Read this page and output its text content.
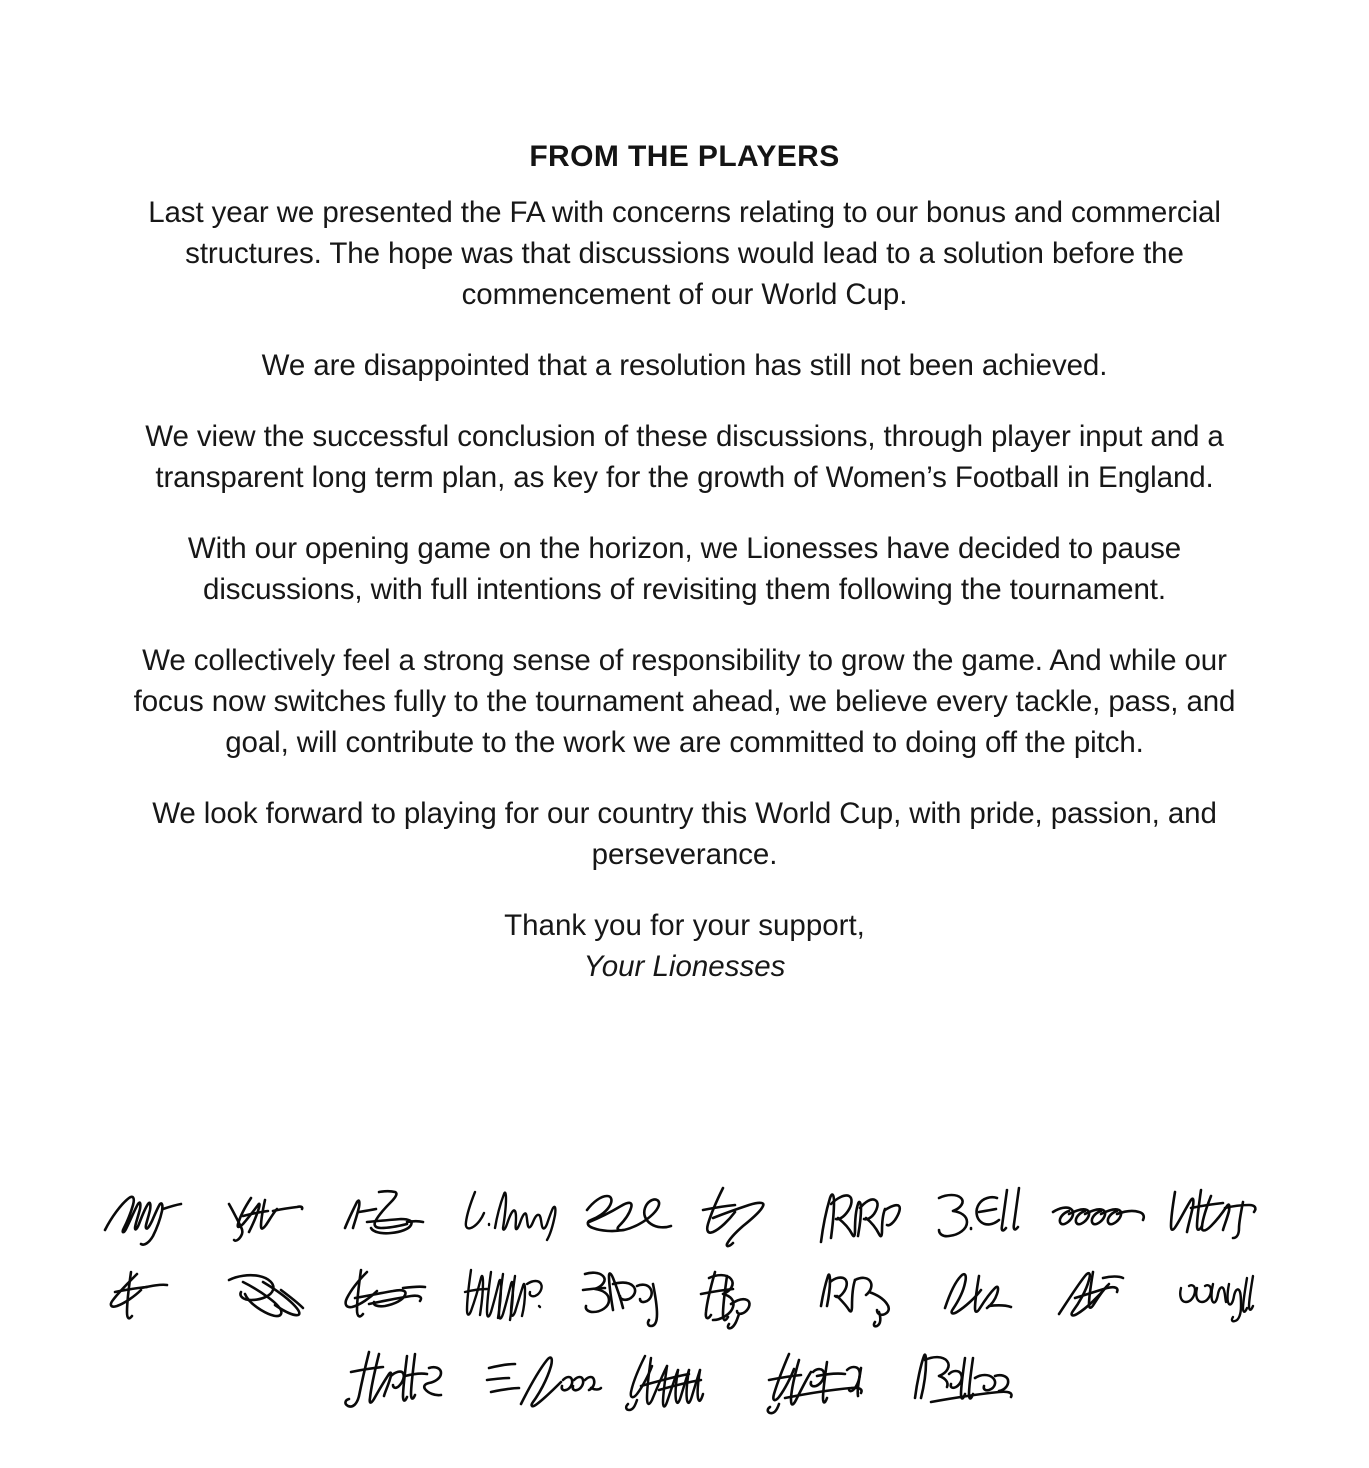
FROM THE PLAYERS

Last year we presented the FA with concerns relating to our bonus and commercial structures. The hope was that discussions would lead to a solution before the commencement of our World Cup.

We are disappointed that a resolution has still not been achieved.

We view the successful conclusion of these discussions, through player input and a transparent long term plan, as key for the growth of Women’s Football in England.

With our opening game on the horizon, we Lionesses have decided to pause discussions, with full intentions of revisiting them following the tournament.

We collectively feel a strong sense of responsibility to grow the game. And while our focus now switches fully to the tournament ahead, we believe every tackle, pass, and goal, will contribute to the work we are committed to doing off the pitch.

We look forward to playing for our country this World Cup, with pride, passion, and perseverance.

Thank you for your support,
Your Lionesses
